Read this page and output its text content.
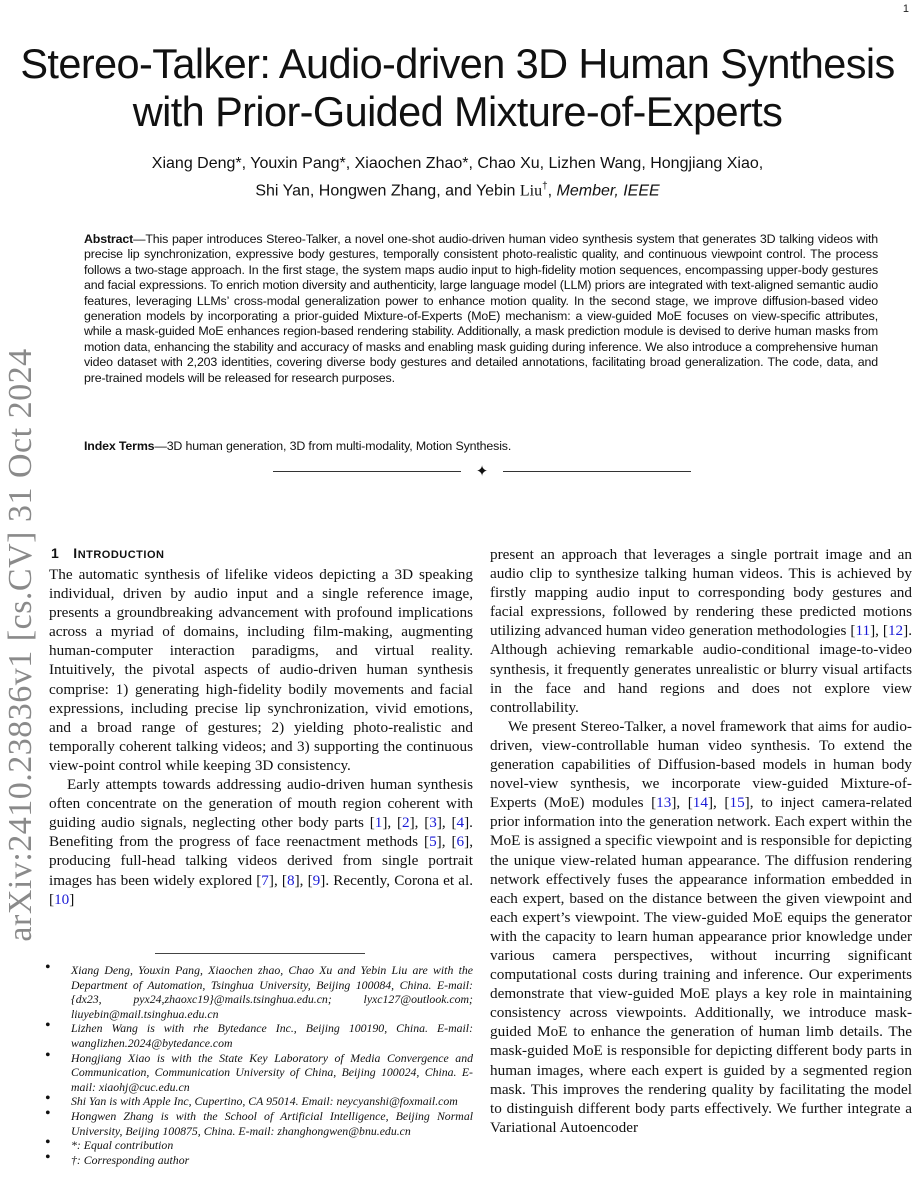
1
arXiv:2410.23836v1 [cs.CV] 31 Oct 2024
Stereo-Talker: Audio-driven 3D Human Synthesis
with Prior-Guided Mixture-of-Experts
Xiang Deng*, Youxin Pang*, Xiaochen Zhao*, Chao Xu, Lizhen Wang, Hongjiang Xiao,
Shi Yan, Hongwen Zhang, and Yebin Liu†, Member, IEEE
Abstract—This paper introduces Stereo-Talker, a novel one-shot audio-driven human video synthesis system that generates 3D talking videos with precise lip synchronization, expressive body gestures, temporally consistent photo-realistic quality, and continuous viewpoint control. The process follows a two-stage approach. In the first stage, the system maps audio input to high-fidelity motion sequences, encompassing upper-body gestures and facial expressions. To enrich motion diversity and authenticity, large language model (LLM) priors are integrated with text-aligned semantic audio features, leveraging LLMs’ cross-modal generalization power to enhance motion quality. In the second stage, we improve diffusion-based video generation models by incorporating a prior-guided Mixture-of-Experts (MoE) mechanism: a view-guided MoE focuses on view-specific attributes, while a mask-guided MoE enhances region-based rendering stability. Additionally, a mask prediction module is devised to derive human masks from motion data, enhancing the stability and accuracy of masks and enabling mask guiding during inference. We also introduce a comprehensive human video dataset with 2,203 identities, covering diverse body gestures and detailed annotations, facilitating broad generalization. The code, data, and pre-trained models will be released for research purposes.
Index Terms—3D human generation, 3D from multi-modality, Motion Synthesis.
✦
1 INTRODUCTION

The automatic synthesis of lifelike videos depicting a 3D speaking individual, driven by audio input and a single reference image, presents a groundbreaking advancement with profound implications across a myriad of domains, including film-making, augmenting human-computer interaction paradigms, and virtual reality. Intuitively, the pivotal aspects of audio-driven human synthesis comprise: 1) generating high-fidelity bodily movements and facial expressions, including precise lip synchronization, vivid emotions, and a broad range of gestures; 2) yielding photo-realistic and temporally coherent talking videos; and 3) supporting the continuous view-point control while keeping 3D consistency.

Early attempts towards addressing audio-driven human synthesis often concentrate on the generation of mouth region coherent with guiding audio signals, neglecting other body parts [1], [2], [3], [4]. Benefiting from the progress of face reenactment methods [5], [6], producing full-head talking videos derived from single portrait images has been widely explored [7], [8], [9]. Recently, Corona et al. [10]

• Xiang Deng, Youxin Pang, Xiaochen zhao, Chao Xu and Yebin Liu are with the Department of Automation, Tsinghua University, Beijing 100084, China. E-mail:{dx23, pyx24,zhaoxc19}@mails.tsinghua.edu.cn; lyxc127@outlook.com; liuyebin@mail.tsinghua.edu.cn
• Lizhen Wang is with rhe Bytedance Inc., Beijing 100190, China. E-mail: wanglizhen.2024@bytedance.com
• Hongjiang Xiao is with the State Key Laboratory of Media Convergence and Communication, Communication University of China, Beijing 100024, China. E-mail: xiaohj@cuc.edu.cn
• Shi Yan is with Apple Inc, Cupertino, CA 95014. Email: neycyanshi@foxmail.com
• Hongwen Zhang is with the School of Artificial Intelligence, Beijing Normal University, Beijing 100875, China. E-mail: zhanghongwen@bnu.edu.cn
• *: Equal contribution
• †: Corresponding author

present an approach that leverages a single portrait image and an audio clip to synthesize talking human videos. This is achieved by firstly mapping audio input to corresponding body gestures and facial expressions, followed by rendering these predicted motions utilizing advanced human video generation methodologies [11], [12]. Although achieving remarkable audio-conditional image-to-video synthesis, it frequently generates unrealistic or blurry visual artifacts in the face and hand regions and does not explore view controllability.

We present Stereo-Talker, a novel framework that aims for audio-driven, view-controllable human video synthesis. To extend the generation capabilities of Diffusion-based models in human body novel-view synthesis, we incorporate view-guided Mixture-of-Experts (MoE) modules [13], [14], [15], to inject camera-related prior information into the generation network. Each expert within the MoE is assigned a specific viewpoint and is responsible for depicting the unique view-related human appearance. The diffusion rendering network effectively fuses the appearance information embedded in each expert, based on the distance between the given viewpoint and each expert’s viewpoint. The view-guided MoE equips the generator with the capacity to learn human appearance prior knowledge under various camera perspectives, without incurring significant computational costs during training and inference. Our experiments demonstrate that view-guided MoE plays a key role in maintaining consistency across viewpoints. Additionally, we introduce mask-guided MoE to enhance the generation of human limb details. The mask-guided MoE is responsible for depicting different body parts in human images, where each expert is guided by a segmented region mask. This improves the rendering quality by facilitating the model to distinguish different body parts effectively. We further integrate a Variational Autoencoder
